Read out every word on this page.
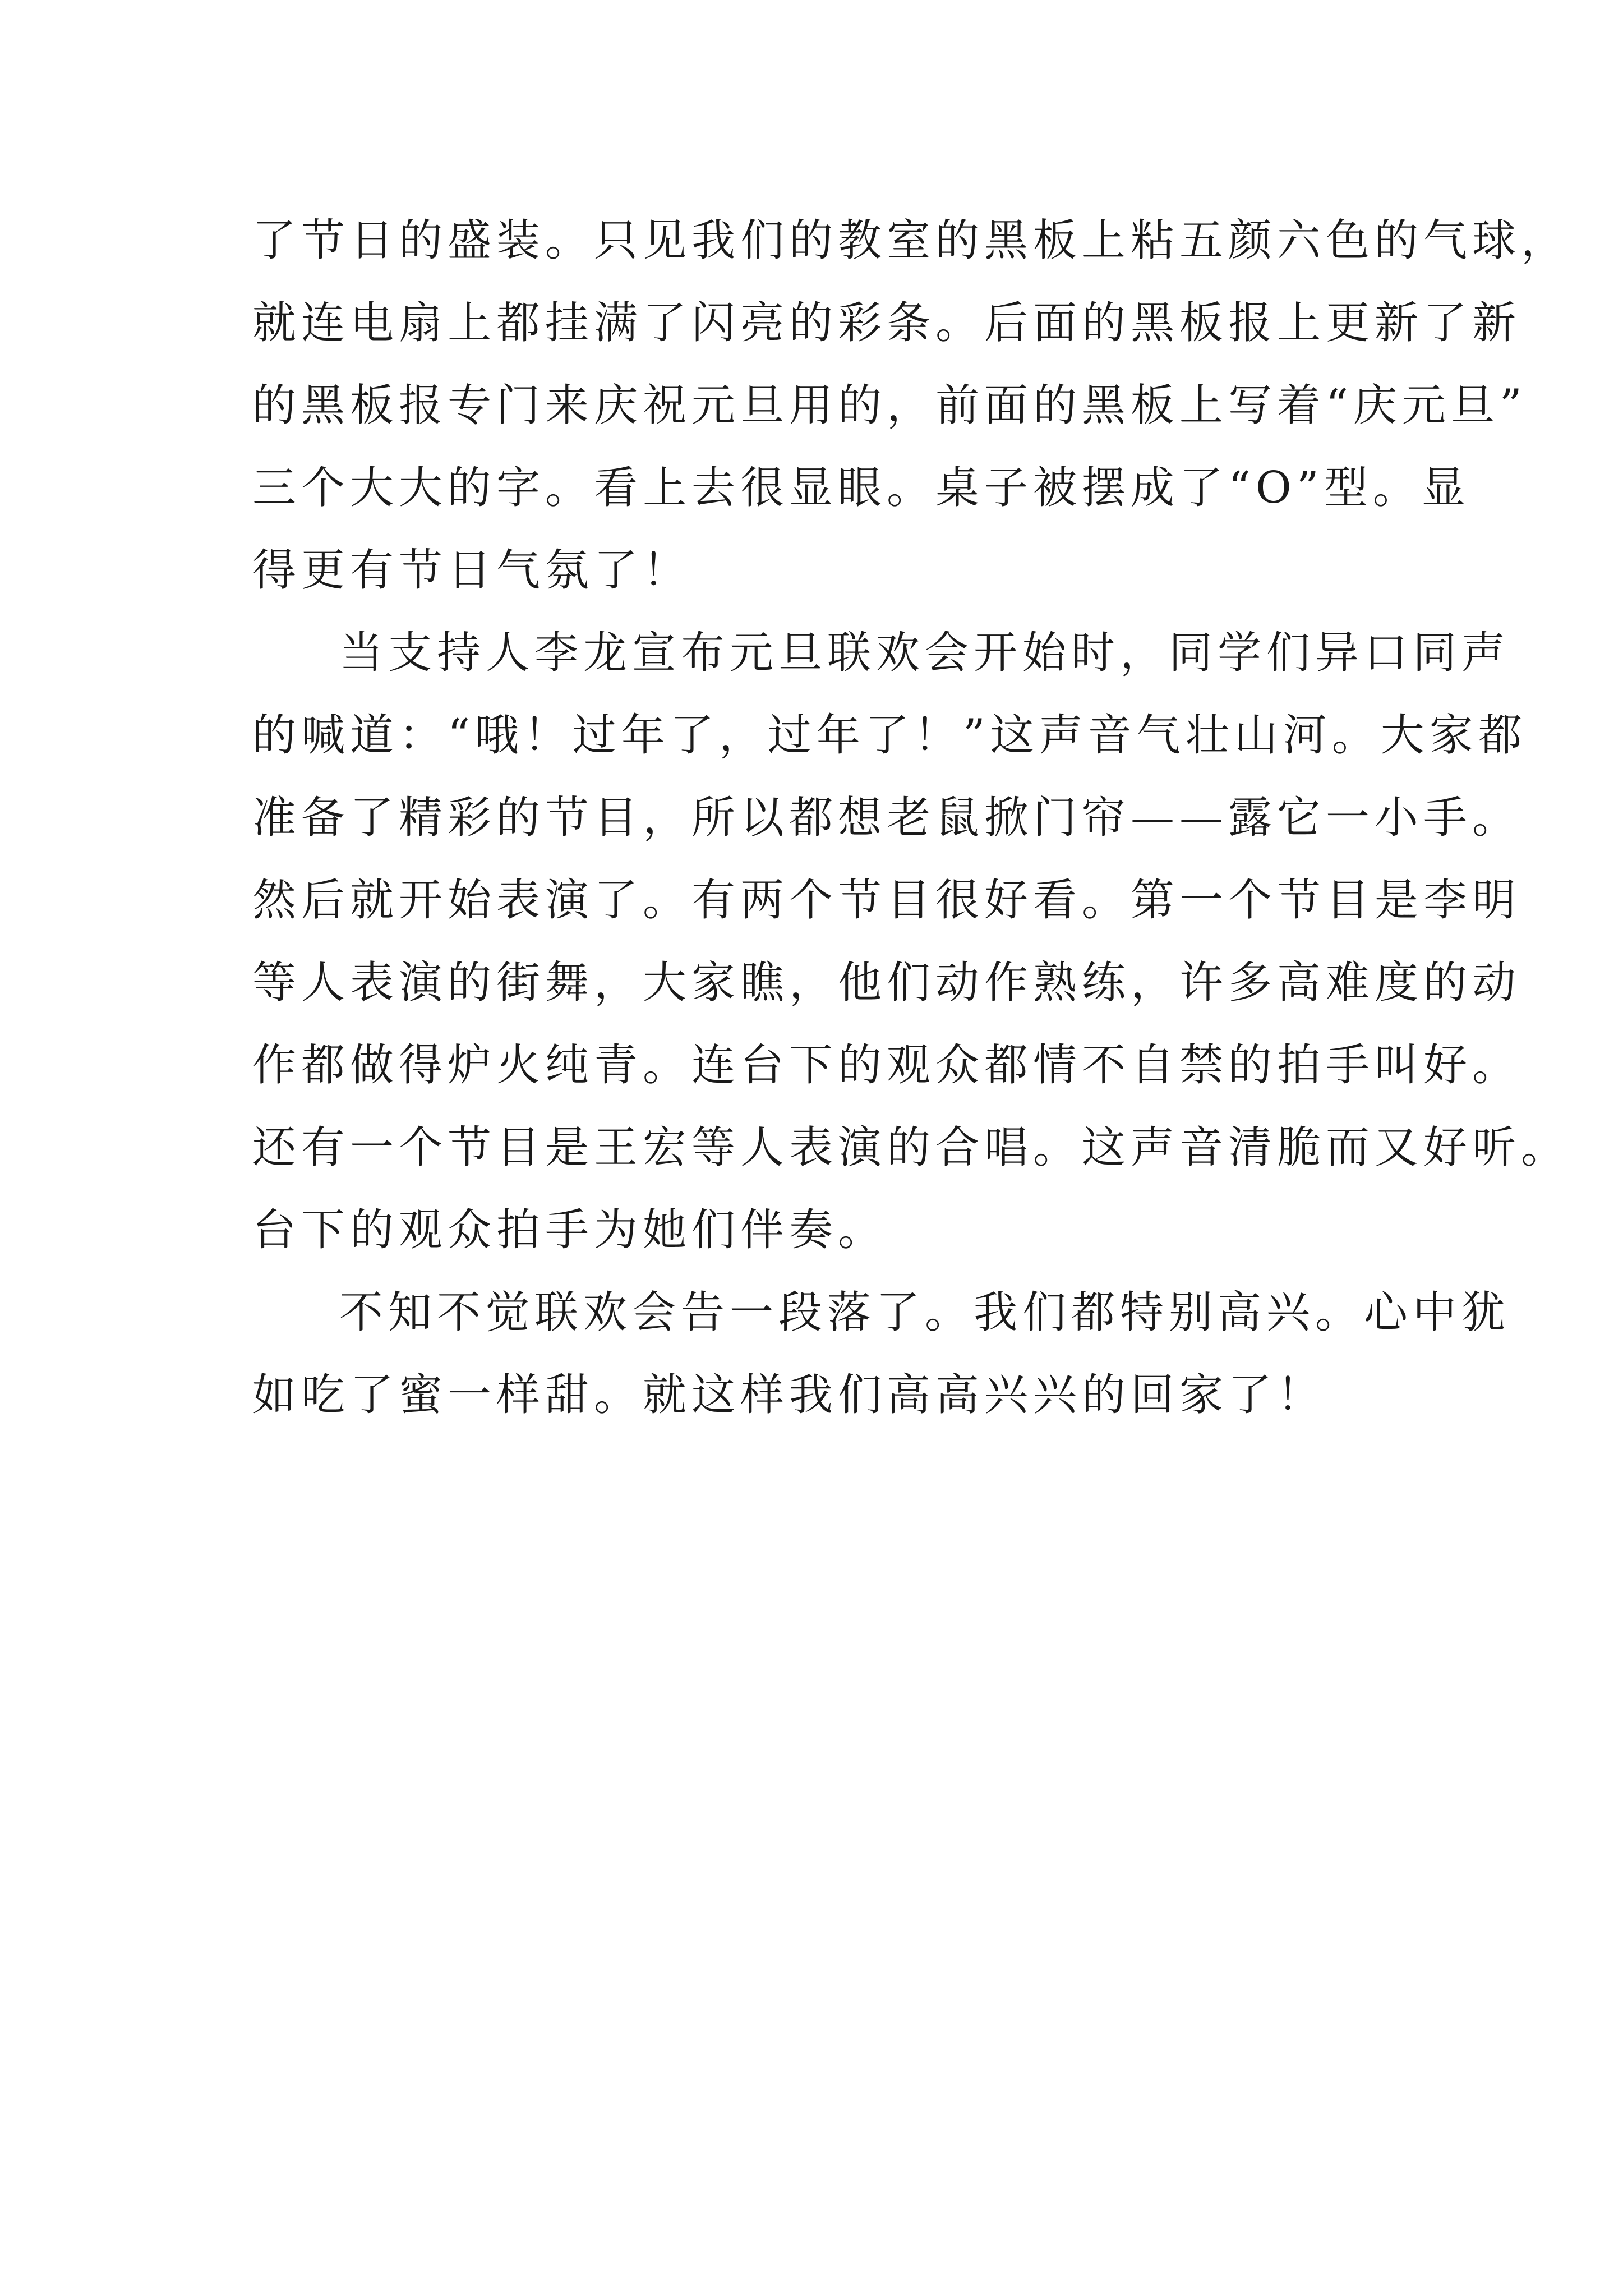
了节日的盛装。只见我们的教室的黑板上粘五颜六色的气球，
就连电扇上都挂满了闪亮的彩条。后面的黑板报上更新了新
的黑板报专门来庆祝元旦用的，前面的黑板上写着“庆元旦”
三个大大的字。看上去很显眼。桌子被摆成了“O”型。显
得更有节日气氛了！
当支持人李龙宣布元旦联欢会开始时，同学们异口同声
的喊道：“哦！过年了，过年了！”这声音气壮山河。大家都
准备了精彩的节目，所以都想老鼠掀门帘——露它一小手。
然后就开始表演了。有两个节目很好看。第一个节目是李明
等人表演的街舞，大家瞧，他们动作熟练，许多高难度的动
作都做得炉火纯青。连台下的观众都情不自禁的拍手叫好。
还有一个节目是王宏等人表演的合唱。这声音清脆而又好听。
台下的观众拍手为她们伴奏。
不知不觉联欢会告一段落了。我们都特别高兴。心中犹
如吃了蜜一样甜。就这样我们高高兴兴的回家了！
